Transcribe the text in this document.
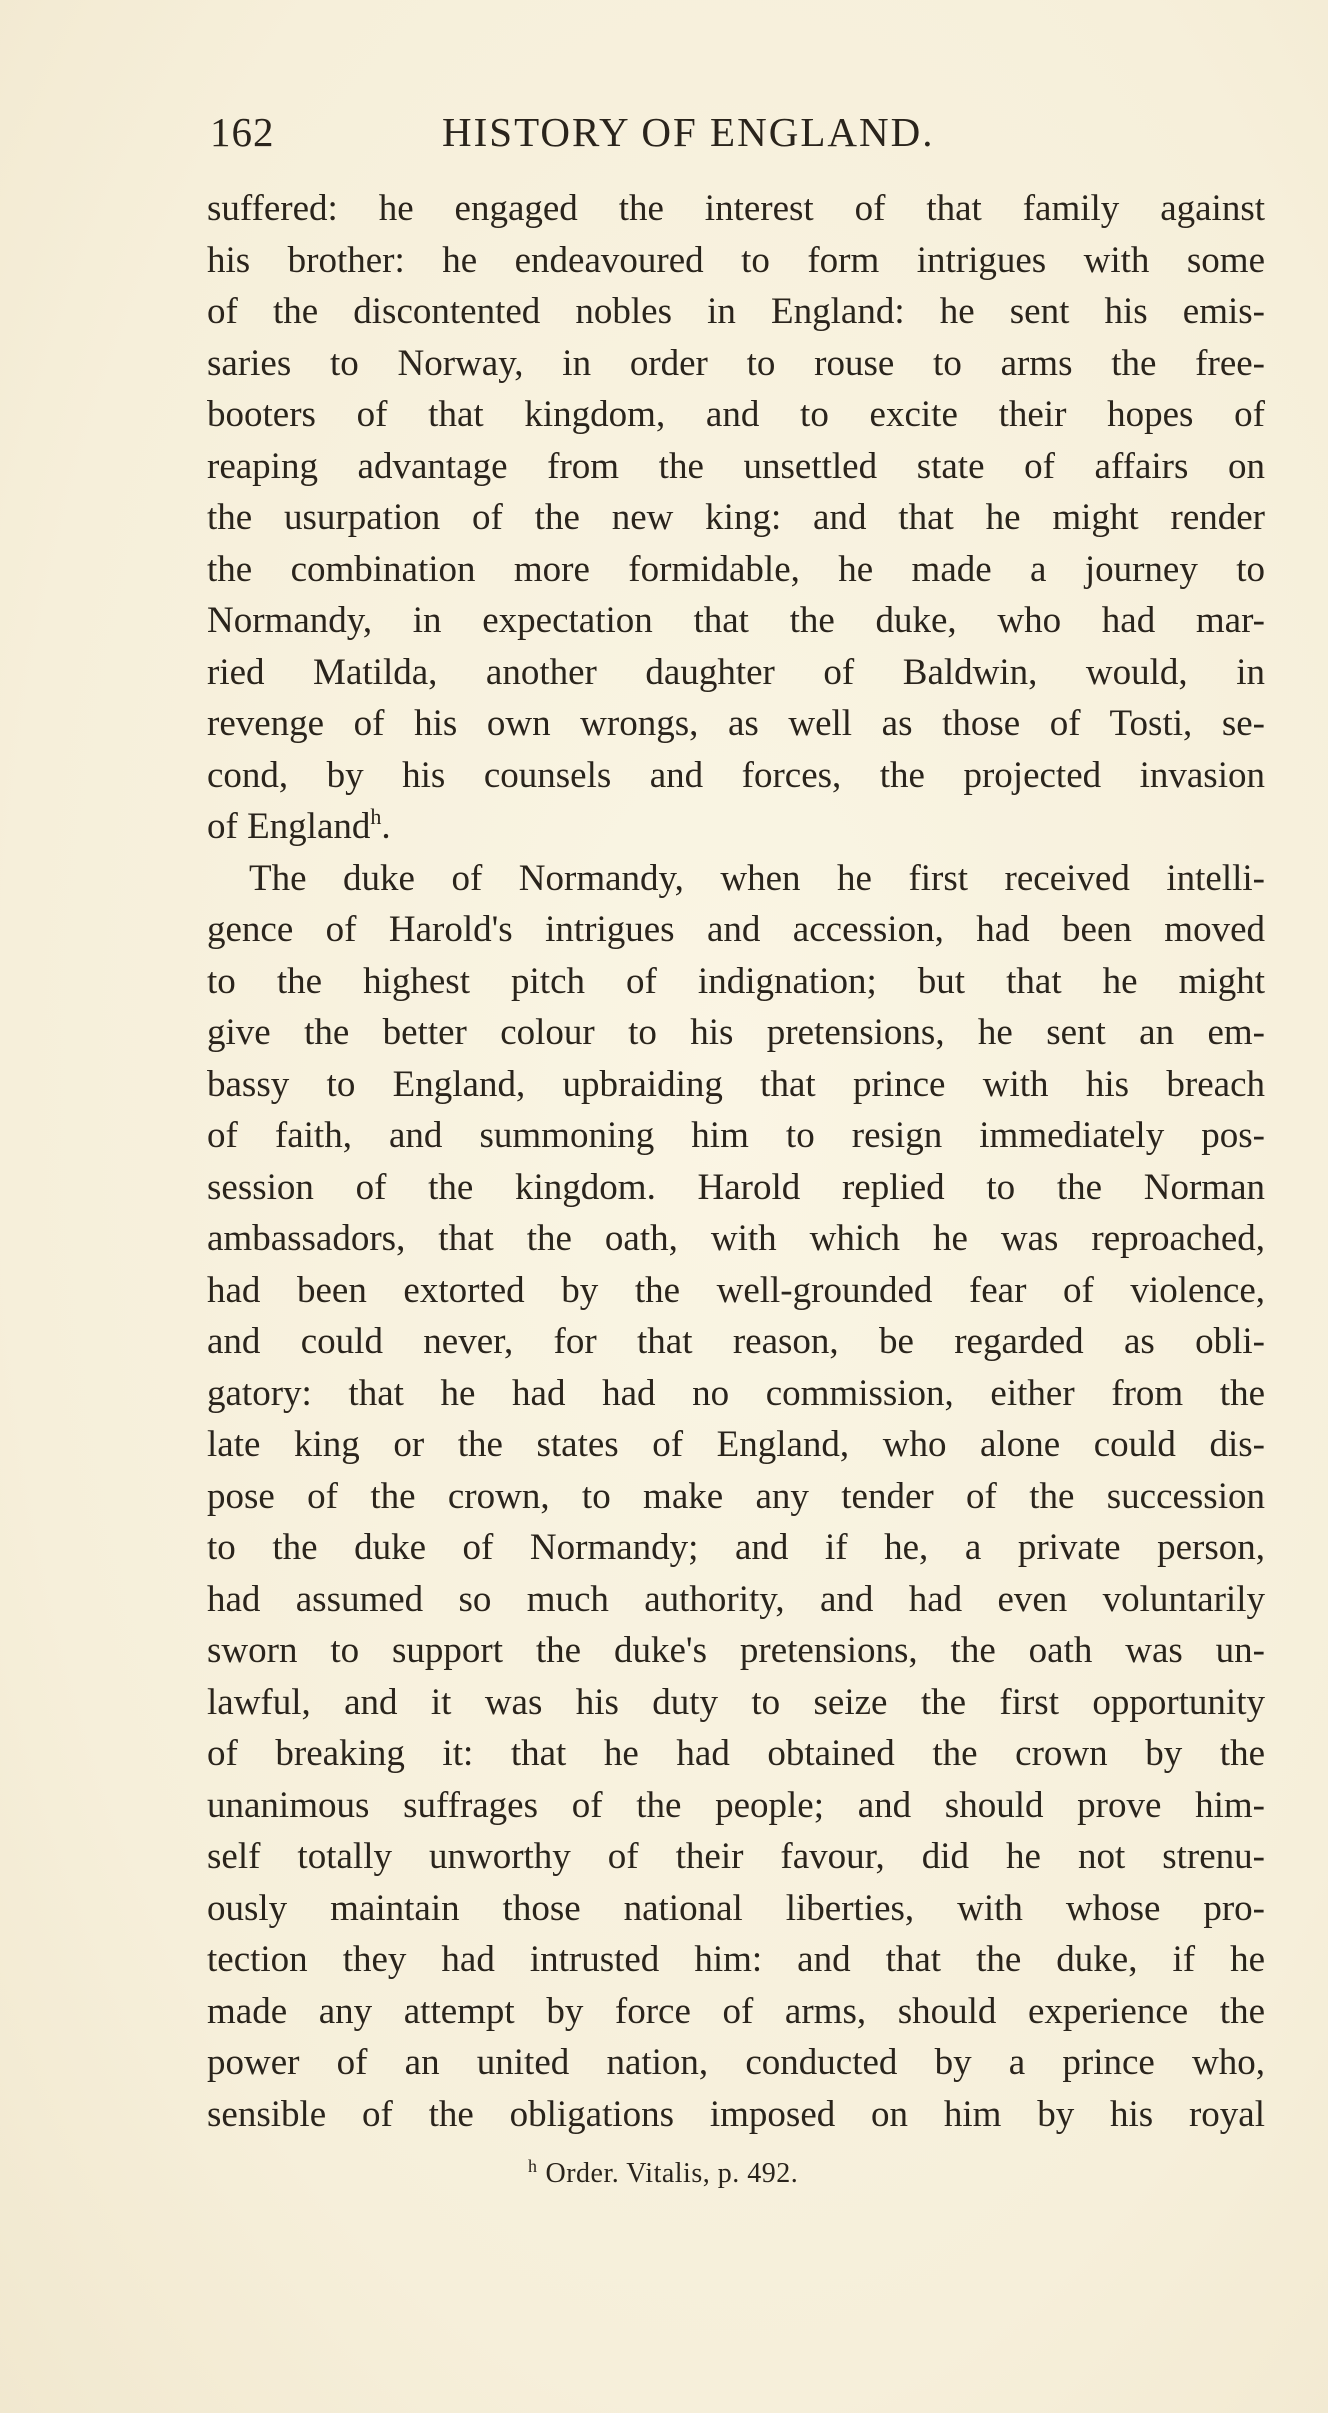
162	HISTORY OF ENGLAND.
suffered: he engaged the interest of that family against
his brother: he endeavoured to form intrigues with some
of the discontented nobles in England: he sent his emis-
saries to Norway, in order to rouse to arms the free-
booters of that kingdom, and to excite their hopes of
reaping advantage from the unsettled state of affairs on
the usurpation of the new king: and that he might render
the combination more formidable, he made a journey to
Normandy, in expectation that the duke, who had mar-
ried Matilda, another daughter of Baldwin, would, in
revenge of his own wrongs, as well as those of Tosti, se-
cond, by his counsels and forces, the projected invasion
of England$^h$.
The duke of Normandy, when he first received intelli-
gence of Harold's intrigues and accession, had been moved
to the highest pitch of indignation; but that he might
give the better colour to his pretensions, he sent an em-
bassy to England, upbraiding that prince with his breach
of faith, and summoning him to resign immediately pos-
session of the kingdom. Harold replied to the Norman
ambassadors, that the oath, with which he was reproached,
had been extorted by the well-grounded fear of violence,
and could never, for that reason, be regarded as obli-
gatory: that he had had no commission, either from the
late king or the states of England, who alone could dis-
pose of the crown, to make any tender of the succession
to the duke of Normandy; and if he, a private person,
had assumed so much authority, and had even voluntarily
sworn to support the duke's pretensions, the oath was un-
lawful, and it was his duty to seize the first opportunity
of breaking it: that he had obtained the crown by the
unanimous suffrages of the people; and should prove him-
self totally unworthy of their favour, did he not strenu-
ously maintain those national liberties, with whose pro-
tection they had intrusted him: and that the duke, if he
made any attempt by force of arms, should experience the
power of an united nation, conducted by a prince who,
sensible of the obligations imposed on him by his royal
$^h$ Order. Vitalis, p. 492.
